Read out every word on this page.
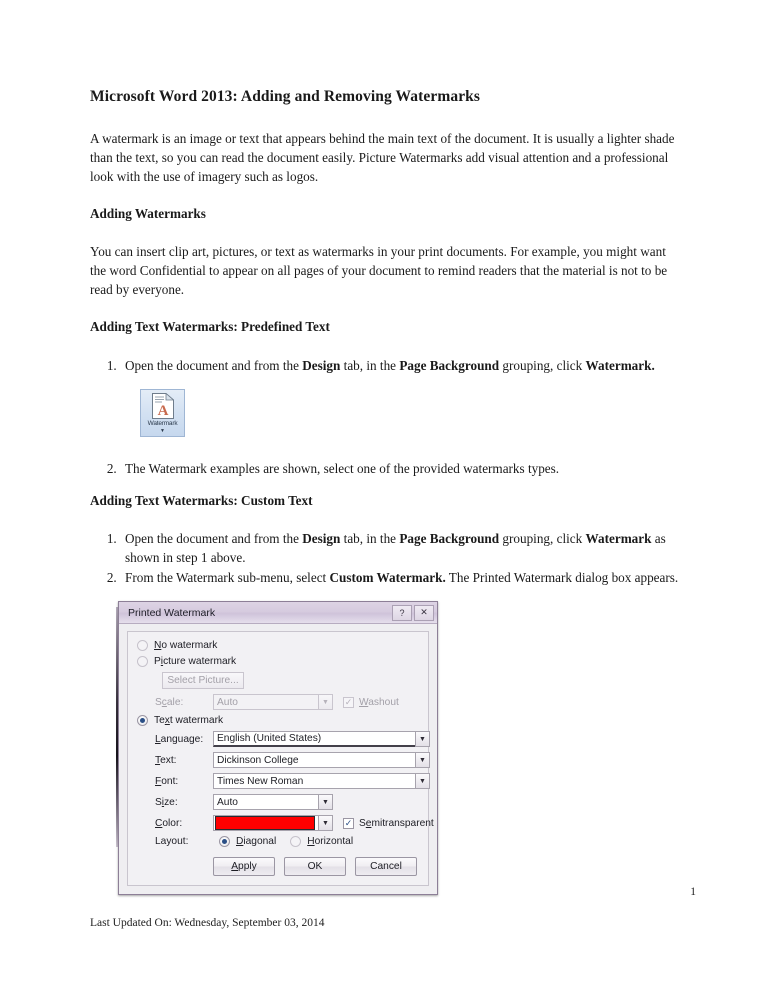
Microsoft Word 2013: Adding and Removing Watermarks

A watermark is an image or text that appears behind the main text of the document. It is usually a lighter shade than the text, so you can read the document easily. Picture Watermarks add visual attention and a professional look with the use of imagery such as logos.

Adding Watermarks

You can insert clip art, pictures, or text as watermarks in your print documents. For example, you might want the word Confidential to appear on all pages of your document to remind readers that the material is not to be read by everyone.

Adding Text Watermarks: Predefined Text
1. Open the document and from the Design tab, in the Page Background grouping, click Watermark.
A
Watermark
▼
2. The Watermark examples are shown, select one of the provided watermarks types.
Adding Text Watermarks: Custom Text
1. Open the document and from the Design tab, in the Page Background grouping, click Watermark as shown in step 1 above.
2. From the Watermark sub-menu, select Custom Watermark. The Printed Watermark dialog box appears.
Printed Watermark	?	✕
No watermark
Picture watermark
Select Picture...
Scale:	Auto	▼	✓ Washout
Text watermark
Language:	English (United States)	▼
Text:	Dickinson College	▼
Font:	Times New Roman	▼
Size:	Auto	▼
Color:	▼	✓ Semitransparent
Layout:	Diagonal	Horizontal
A pply	OK	C ancel
1
Last Updated On: Wednesday, September 03, 2014
